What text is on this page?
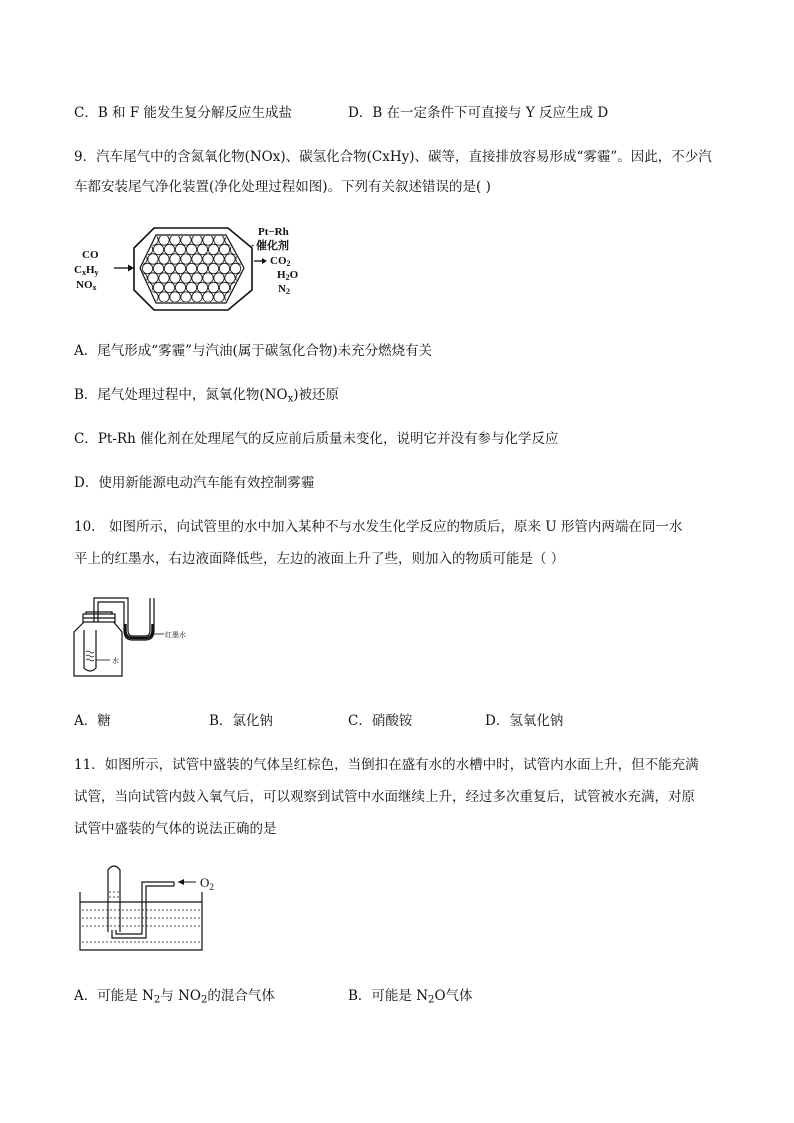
C．B 和 F 能发生复分解反应生成盐	D．B 在一定条件下可直接与 Y 反应生成 D
9．汽车尾气中的含氮氧化物(NOx)、碳氢化合物(CxHy)、碳等，直接排放容易形成“雾霾”。因此，不少汽
车都安装尾气净化装置(净化处理过程如图)。下列有关叙述错误的是( )
CO
CxHy
NOx
Pt−Rh
催化剂
CO2
H2O
N2
A．尾气形成“雾霾”与汽油(属于碳氢化合物)未充分燃烧有关
B．尾气处理过程中，氮氧化物$(NO_x)$被还原
C．Pt-Rh 催化剂在处理尾气的反应前后质量未变化，说明它并没有参与化学反应
D．使用新能源电动汽车能有效控制雾霾
10． 如图所示，向试管里的水中加入某种不与水发生化学反应的物质后，原来 U 形管内两端在同一水
平上的红墨水，右边液面降低些，左边的液面上升了些，则加入的物质可能是（ ）
红墨水
水
A．糖	B．氯化钠	C．硝酸铵	D．氢氧化钠
11．如图所示，试管中盛装的气体呈红棕色，当倒扣在盛有水的水槽中时，试管内水面上升，但不能充满
试管，当向试管内鼓入氧气后，可以观察到试管中水面继续上升，经过多次重复后，试管被水充满，对原
试管中盛装的气体的说法正确的是
$O_2$
A．可能是 $N_2$与 $NO_2$的混合气体	B．可能是 $N_2O$气体
